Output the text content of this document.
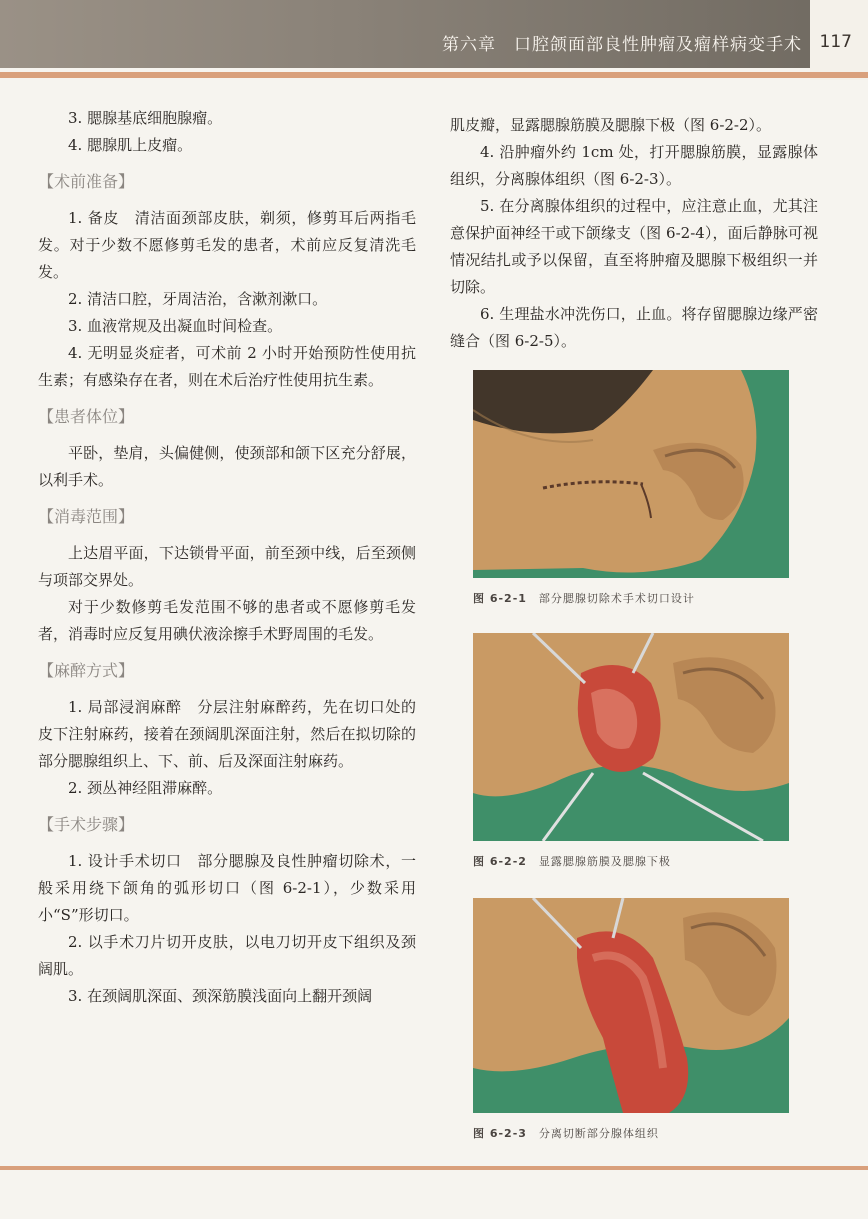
第六章　口腔颌面部良性肿瘤及瘤样病变手术 117

3. 腮腺基底细胞腺瘤。

4. 腮腺肌上皮瘤。

【术前准备】

1. 备皮　清洁面颈部皮肤，剃须，修剪耳后两指毛发。对于少数不愿修剪毛发的患者，术前应反复清洗毛发。

2. 清洁口腔，牙周洁治，含漱剂漱口。

3. 血液常规及出凝血时间检查。

4. 无明显炎症者，可术前 2 小时开始预防性使用抗生素；有感染存在者，则在术后治疗性使用抗生素。

【患者体位】

平卧，垫肩，头偏健侧，使颈部和颌下区充分舒展，以利手术。

【消毒范围】

上达眉平面，下达锁骨平面，前至颈中线，后至颈侧与项部交界处。

对于少数修剪毛发范围不够的患者或不愿修剪毛发者，消毒时应反复用碘伏液涂擦手术野周围的毛发。

【麻醉方式】

1. 局部浸润麻醉　分层注射麻醉药，先在切口处的皮下注射麻药，接着在颈阔肌深面注射，然后在拟切除的部分腮腺组织上、下、前、后及深面注射麻药。

2. 颈丛神经阻滞麻醉。

【手术步骤】

1. 设计手术切口　部分腮腺及良性肿瘤切除术，一般采用绕下颌角的弧形切口（图 6-2-1），少数采用小“S”形切口。

2. 以手术刀片切开皮肤，以电刀切开皮下组织及颈阔肌。

3. 在颈阔肌深面、颈深筋膜浅面向上翻开颈阔

肌皮瓣，显露腮腺筋膜及腮腺下极（图 6-2-2）。

4. 沿肿瘤外约 1cm 处，打开腮腺筋膜，显露腺体组织，分离腺体组织（图 6-2-3）。

5. 在分离腺体组织的过程中，应注意止血，尤其注意保护面神经干或下颌缘支（图 6-2-4），面后静脉可视情况结扎或予以保留，直至将肿瘤及腮腺下极组织一并切除。

6. 生理盐水冲洗伤口，止血。将存留腮腺边缘严密缝合（图 6-2-5）。

图 6-2-1 部分腮腺切除术手术切口设计
图 6-2-2 显露腮腺筋膜及腮腺下极
图 6-2-3 分离切断部分腺体组织
